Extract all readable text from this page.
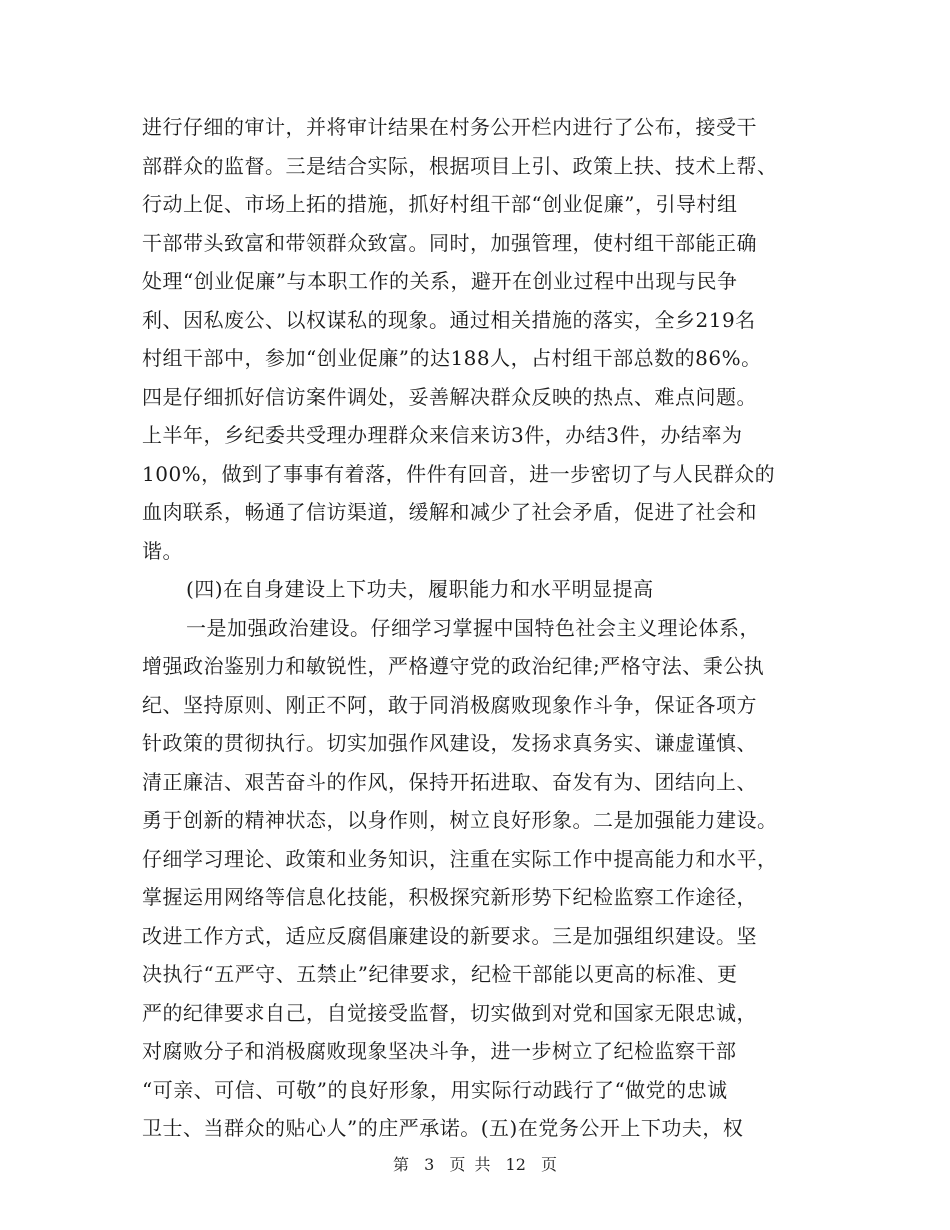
进行仔细的审计，并将审计结果在村务公开栏内进行了公布，接受干
部群众的监督。三是结合实际，根据项目上引、政策上扶、技术上帮、
行动上促、市场上拓的措施，抓好村组干部“创业促廉”，引导村组
干部带头致富和带领群众致富。同时，加强管理，使村组干部能正确
处理“创业促廉”与本职工作的关系，避开在创业过程中出现与民争
利、因私废公、以权谋私的现象。通过相关措施的落实，全乡219名
村组干部中，参加“创业促廉”的达188人，占村组干部总数的86%。
四是仔细抓好信访案件调处，妥善解决群众反映的热点、难点问题。
上半年，乡纪委共受理办理群众来信来访3件，办结3件，办结率为
100%，做到了事事有着落，件件有回音，进一步密切了与人民群众的
血肉联系，畅通了信访渠道，缓解和减少了社会矛盾，促进了社会和
谐。
(四)在自身建设上下功夫，履职能力和水平明显提高
一是加强政治建设。仔细学习掌握中国特色社会主义理论体系，
增强政治鉴别力和敏锐性，严格遵守党的政治纪律;严格守法、秉公执
纪、坚持原则、刚正不阿，敢于同消极腐败现象作斗争，保证各项方
针政策的贯彻执行。切实加强作风建设，发扬求真务实、谦虚谨慎、
清正廉洁、艰苦奋斗的作风，保持开拓进取、奋发有为、团结向上、
勇于创新的精神状态，以身作则，树立良好形象。二是加强能力建设。
仔细学习理论、政策和业务知识，注重在实际工作中提高能力和水平，
掌握运用网络等信息化技能，积极探究新形势下纪检监察工作途径，
改进工作方式，适应反腐倡廉建设的新要求。三是加强组织建设。坚
决执行“五严守、五禁止”纪律要求，纪检干部能以更高的标准、更
严的纪律要求自己，自觉接受监督，切实做到对党和国家无限忠诚，
对腐败分子和消极腐败现象坚决斗争，进一步树立了纪检监察干部
“可亲、可信、可敬”的良好形象，用实际行动践行了“做党的忠诚
卫士、当群众的贴心人”的庄严承诺。(五)在党务公开上下功夫，权
第 3 页 共 12 页
